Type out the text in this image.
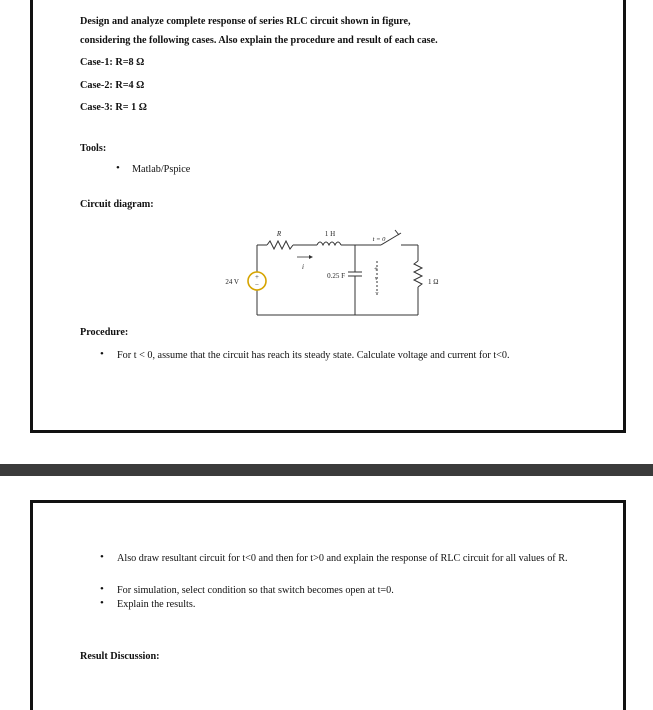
Design and analyze complete response of series RLC circuit shown in figure,
considering the following cases. Also explain the procedure and result of each case.
Case-1: R=8 Ω
Case-2: R=4 Ω
Case-3: R= 1 Ω
Tools:
• Matlab/Pspice
Circuit diagram:
+
−
R	1 H
t = 0
24 V
0.25 F
1 Ω
i	+
v
−
Procedure:
• For t < 0, assume that the circuit has reach its steady state. Calculate voltage and current for t<0.
• Also draw resultant circuit for t<0 and then for t>0 and explain the response of RLC circuit for all values of R.
• For simulation, select condition so that switch becomes open at t=0.
• Explain the results.
Result Discussion:
